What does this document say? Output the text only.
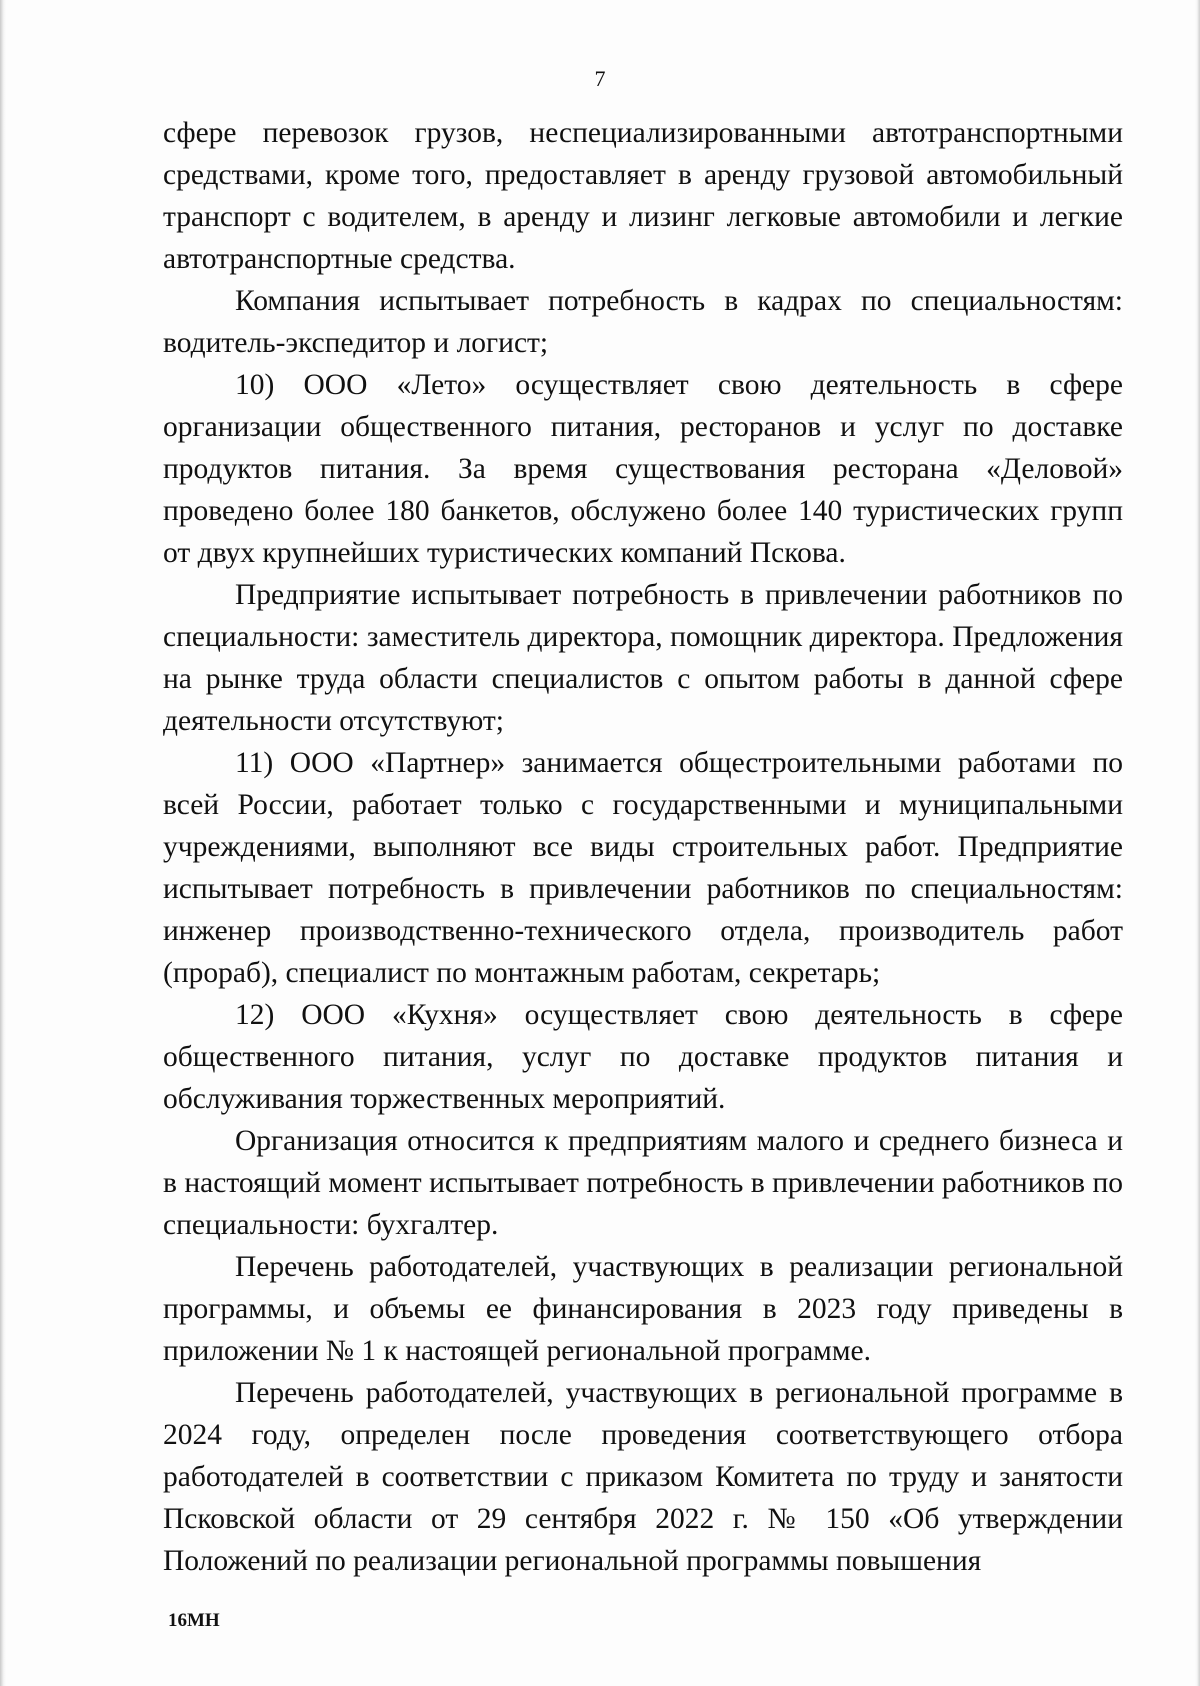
7

сфере перевозок грузов, неспециализированными автотранспортными средствами, кроме того, предоставляет в аренду грузовой автомобильный транспорт с водителем, в аренду и лизинг легковые автомобили и легкие автотранспортные средства.

Компания испытывает потребность в кадрах по специальностям: водитель-экспедитор и логист;

10) ООО «Лето» осуществляет свою деятельность в сфере организации общественного питания, ресторанов и услуг по доставке продуктов питания. За время существования ресторана «Деловой» проведено более 180 банкетов, обслужено более 140 туристических групп от двух крупнейших туристических компаний Пскова.

Предприятие испытывает потребность в привлечении работников по специальности: заместитель директора, помощник директора. Предложения на рынке труда области специалистов с опытом работы в данной сфере деятельности отсутствуют;

11) ООО «Партнер» занимается общестроительными работами по всей России, работает только с государственными и муниципальными учреждениями, выполняют все виды строительных работ. Предприятие испытывает потребность в привлечении работников по специальностям: инженер производственно-технического отдела, производитель работ (прораб), специалист по монтажным работам, секретарь;

12) ООО «Кухня» осуществляет свою деятельность в сфере общественного питания, услуг по доставке продуктов питания и обслуживания торжественных мероприятий.

Организация относится к предприятиям малого и среднего бизнеса и в настоящий момент испытывает потребность в привлечении работников по специальности: бухгалтер.

Перечень работодателей, участвующих в реализации региональной программы, и объемы ее финансирования в 2023 году приведены в приложении № 1 к настоящей региональной программе.

Перечень работодателей, участвующих в региональной программе в 2024 году, определен после проведения соответствующего отбора работодателей в соответствии с приказом Комитета по труду и занятости Псковской области от 29 сентября 2022 г. № 150 «Об утверждении Положений по реализации региональной программы повышения

16МН
